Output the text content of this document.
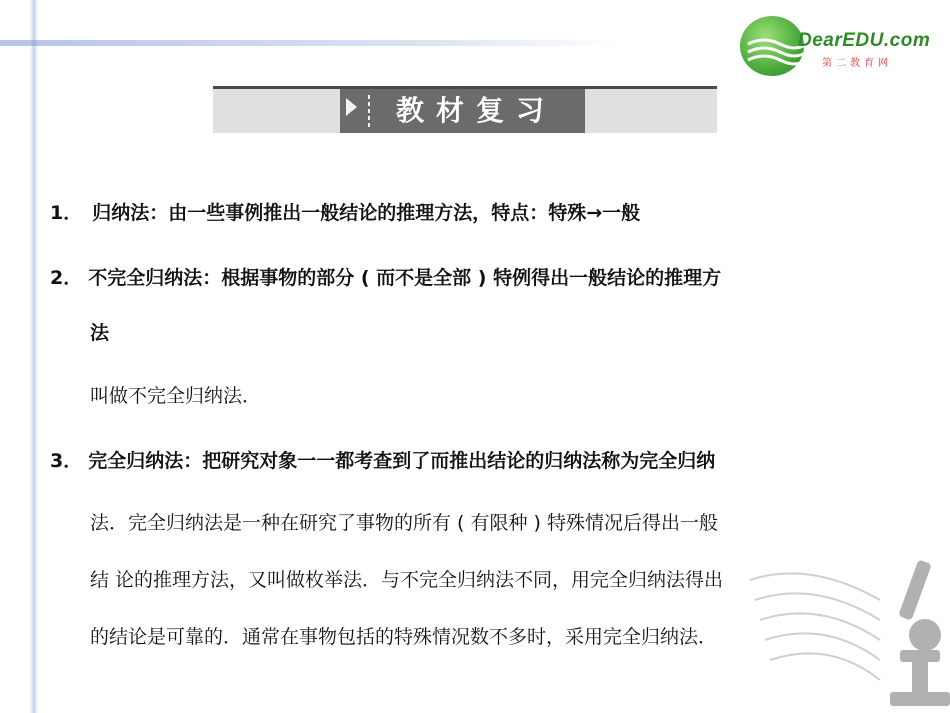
DearEDU.com
第二教育网
教材复习
1． 归纳法：由一些事例推出一般结论的推理方法，特点：特殊→一般
2． 不完全归纳法：根据事物的部分 ( 而不是全部 ) 特例得出一般结论的推理方
法
叫做不完全归纳法．
3． 完全归纳法：把研究对象一一都考查到了而推出结论的归纳法称为完全归纳
法．完全归纳法是一种在研究了事物的所有 ( 有限种 ) 特殊情况后得出一般
结 论的推理方法，又叫做枚举法．与不完全归纳法不同，用完全归纳法得出
的结论是可靠的．通常在事物包括的特殊情况数不多时，采用完全归纳法．
